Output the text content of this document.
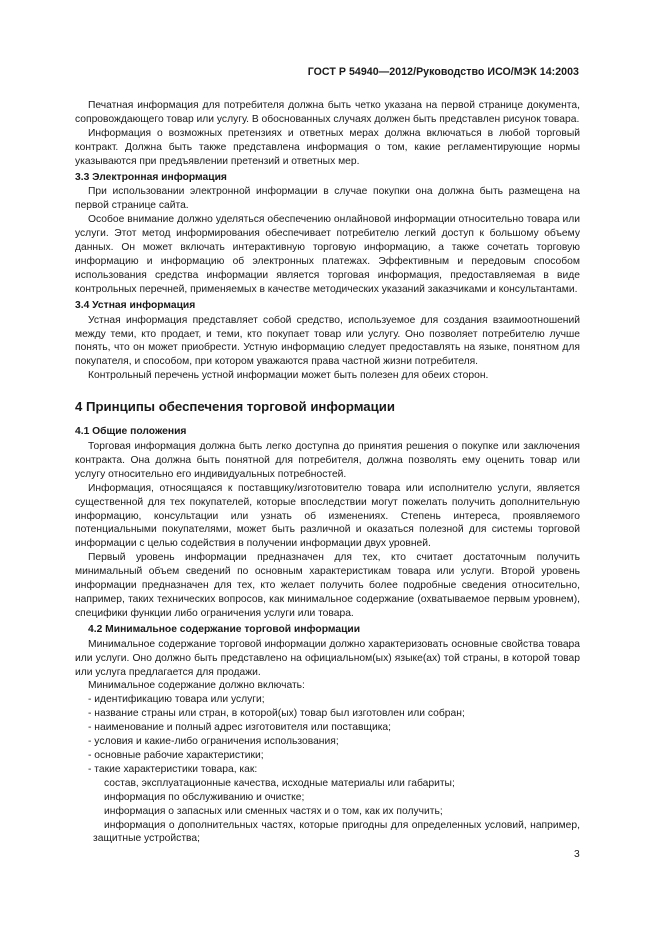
ГОСТ Р 54940—2012/Руководство ИСО/МЭК 14:2003

Печатная информация для потребителя должна быть четко указана на первой странице документа, сопровождающего товар или услугу. В обоснованных случаях должен быть представлен рисунок товара.

Информация о возможных претензиях и ответных мерах должна включаться в любой торговый контракт. Должна быть также представлена информация о том, какие регламентирующие нормы указываются при предъявлении претензий и ответных мер.

3.3 Электронная информация

При использовании электронной информации в случае покупки она должна быть размещена на первой странице сайта.

Особое внимание должно уделяться обеспечению онлайновой информации относительно товара или услуги. Этот метод информирования обеспечивает потребителю легкий доступ к большому объему данных. Он может включать интерактивную торговую информацию, а также сочетать торговую информацию и информацию об электронных платежах. Эффективным и передовым способом использования средства информации является торговая информация, предоставляемая в виде контрольных перечней, применяемых в качестве методических указаний заказчиками и консультантами.

3.4 Устная информация

Устная информация представляет собой средство, используемое для создания взаимоотношений между теми, кто продает, и теми, кто покупает товар или услугу. Оно позволяет потребителю лучше понять, что он может приобрести. Устную информацию следует предоставлять на языке, понятном для покупателя, и способом, при котором уважаются права частной жизни потребителя.

Контрольный перечень устной информации может быть полезен для обеих сторон.

4 Принципы обеспечения торговой информации

4.1 Общие положения

Торговая информация должна быть легко доступна до принятия решения о покупке или заключения контракта. Она должна быть понятной для потребителя, должна позволять ему оценить товар или услугу относительно его индивидуальных потребностей.

Информация, относящаяся к поставщику/изготовителю товара или исполнителю услуги, является существенной для тех покупателей, которые впоследствии могут пожелать получить дополнительную информацию, консультации или узнать об изменениях. Степень интереса, проявляемого потенциальными покупателями, может быть различной и оказаться полезной для системы торговой информации с целью содействия в получении информации двух уровней.

Первый уровень информации предназначен для тех, кто считает достаточным получить минимальный объем сведений по основным характеристикам товара или услуги. Второй уровень информации предназначен для тех, кто желает получить более подробные сведения относительно, например, таких технических вопросов, как минимальное содержание (охватываемое первым уровнем), специфики функции либо ограничения услуги или товара.

4.2 Минимальное содержание торговой информации

Минимальное содержание торговой информации должно характеризовать основные свойства товара или услуги. Оно должно быть представлено на официальном(ых) языке(ах) той страны, в которой товар или услуга предлагается для продажи.

Минимальное содержание должно включать:

- идентификацию товара или услуги;
- название страны или стран, в которой(ых) товар был изготовлен или собран;
- наименование и полный адрес изготовителя или поставщика;
- условия и какие-либо ограничения использования;
- основные рабочие характеристики;
- такие характеристики товара, как:
состав, эксплуатационные качества, исходные материалы или габариты;
информация по обслуживанию и очистке;
информация о запасных или сменных частях и о том, как их получить;
информация о дополнительных частях, которые пригодны для определенных условий, например, защитные устройства;
3
